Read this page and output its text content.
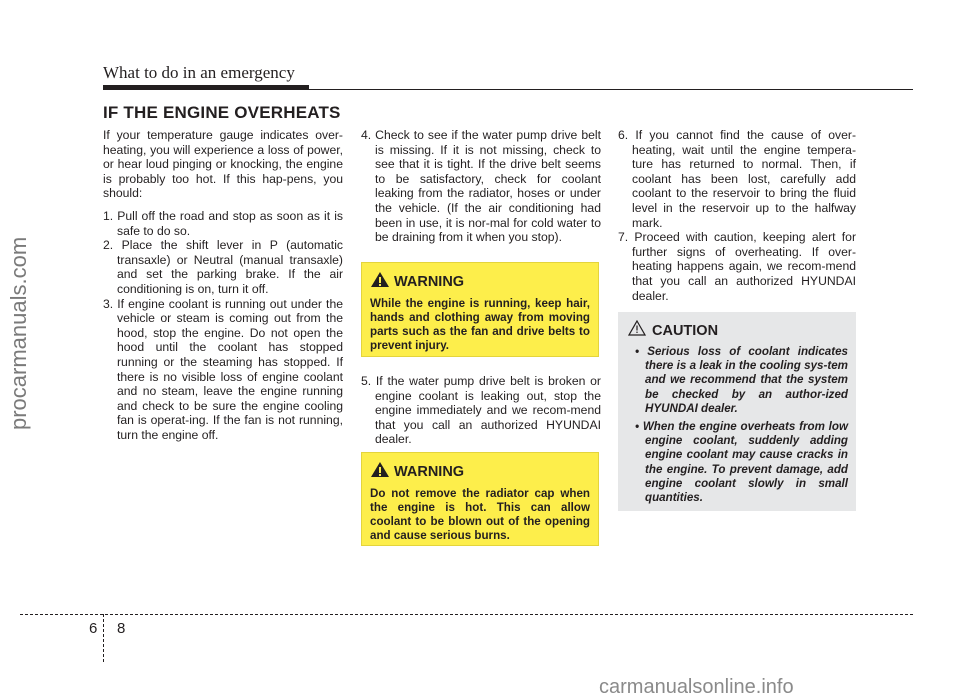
What to do in an emergency
IF THE ENGINE OVERHEATS

If your temperature gauge indicates over-heating, you will experience a loss of power, or hear loud pinging or knocking, the engine is probably too hot. If this hap-pens, you should:

1. Pull off the road and stop as soon as it is safe to do so.
2. Place the shift lever in P (automatic transaxle) or Neutral (manual transaxle) and set the parking brake. If the air conditioning is on, turn it off.
3. If engine coolant is running out under the vehicle or steam is coming out from the hood, stop the engine. Do not open the hood until the coolant has stopped running or the steaming has stopped. If there is no visible loss of engine coolant and no steam, leave the engine running and check to be sure the engine cooling fan is operat-ing. If the fan is not running, turn the engine off.
4. Check to see if the water pump drive belt is missing. If it is not missing, check to see that it is tight. If the drive belt seems to be satisfactory, check for coolant leaking from the radiator, hoses or under the vehicle. (If the air conditioning had been in use, it is nor-mal for cold water to be draining from it when you stop).
5. If the water pump drive belt is broken or engine coolant is leaking out, stop the engine immediately and we recom-mend that you call an authorized HYUNDAI dealer.
6. If you cannot find the cause of over-heating, wait until the engine tempera-ture has returned to normal. Then, if coolant has been lost, carefully add coolant to the reservoir to bring the fluid level in the reservoir up to the halfway mark.
7. Proceed with caution, keeping alert for further signs of overheating. If over-heating happens again, we recom-mend that you call an authorized HYUNDAI dealer.
WARNING
While the engine is running, keep hair, hands and clothing away from moving parts such as the fan and drive belts to prevent injury.
WARNING
Do not remove the radiator cap when the engine is hot. This can allow coolant to be blown out of the opening and cause serious burns.
CAUTION
• Serious loss of coolant indicates there is a leak in the cooling sys-tem and we recommend that the system be checked by an author-ized HYUNDAI dealer.
• When the engine overheats from low engine coolant, suddenly adding engine coolant may cause cracks in the engine. To prevent damage, add engine coolant slowly in small quantities.
procarmanuals.com
6 8
carmanualsonline.info
